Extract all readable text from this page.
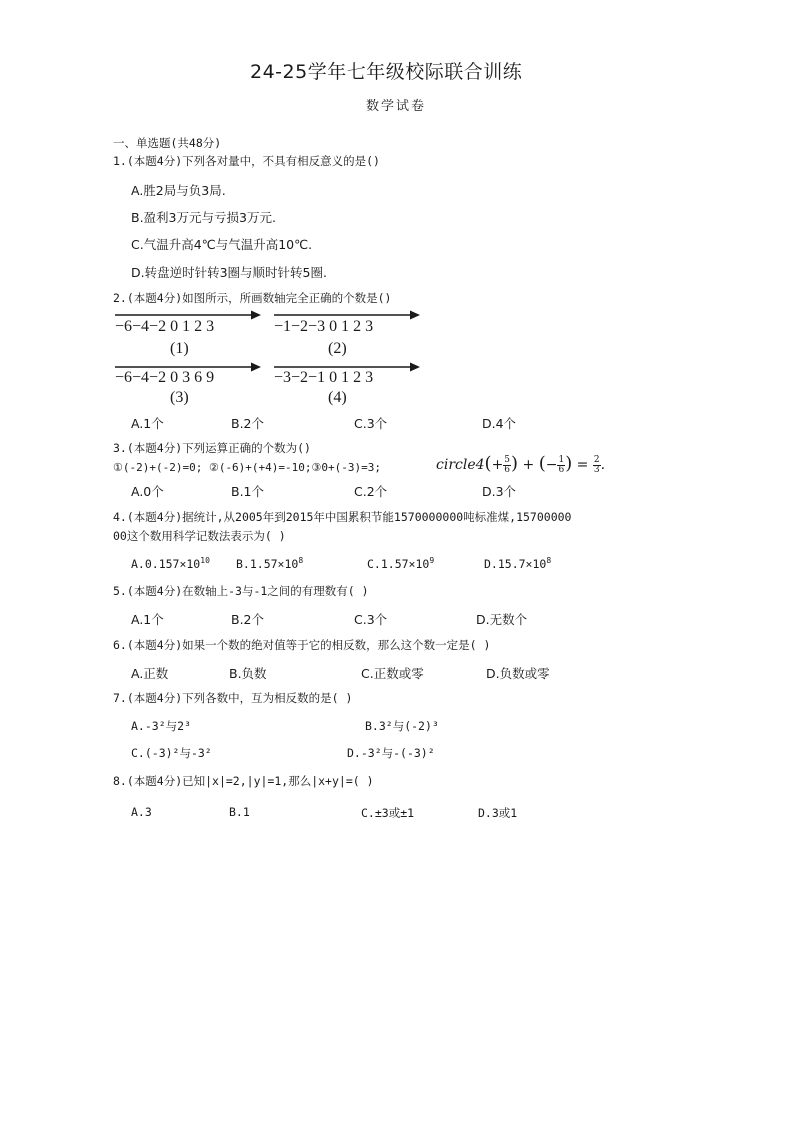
24-25学年七年级校际联合训练
数学试卷
一、单选题(共48分)
1.(本题4分)下列各对量中，不具有相反意义的是()
A.胜2局与负3局.
B.盈利3万元与亏损3万元.
C.气温升高4℃与气温升高10℃.
D.转盘逆时针转3圈与顺时针转5圈.
2.(本题4分)如图所示，所画数轴完全正确的个数是()
−6−4−2 0 1 2 3
(1)
−1−2−3 0 1 2 3
(2)
−6−4−2 0 3 6 9
(3)
−3−2−1 0 1 2 3
(4)
A.1个	B.2个	C.3个	D.4个
3.(本题4分)下列运算正确的个数为()
①(-2)+(-2)=0; ②(-6)+(+4)=-10;③0+(-3)=3;	circle4(+ $\frac{5}{6}$ ) + (− $\frac{1}{6}$ ) = $\frac{2}{3}$ .
A.0个	B.1个	C.2个	D.3个
4.(本题4分)据统计,从2005年到2015年中国累积节能1570000000吨标准煤,15700000
00这个数用科学记数法表示为( )
$A.0.157\times 10^{10}$ $B.1.57\times 10^8$	$C.1.57\times 10^9$	$D.15.7\times 10^8$
5.(本题4分)在数轴上-3与-1之间的有理数有( )
A.1个	B.2个	C.3个	D.无数个
6.(本题4分)如果一个数的绝对值等于它的相反数，那么这个数一定是( )
A.正数	B.负数	C.正数或零	D.负数或零
7.(本题4分)下列各数中，互为相反数的是( )
A.-3²与2³	B.3²与(-2)³
C.(-3)²与-3²	D.-3²与-(-3)²
8.(本题4分)已知|x|=2,|y|=1,那么|x+y|=( )
A.3	B.1	C.±3或±1	D.3或1
